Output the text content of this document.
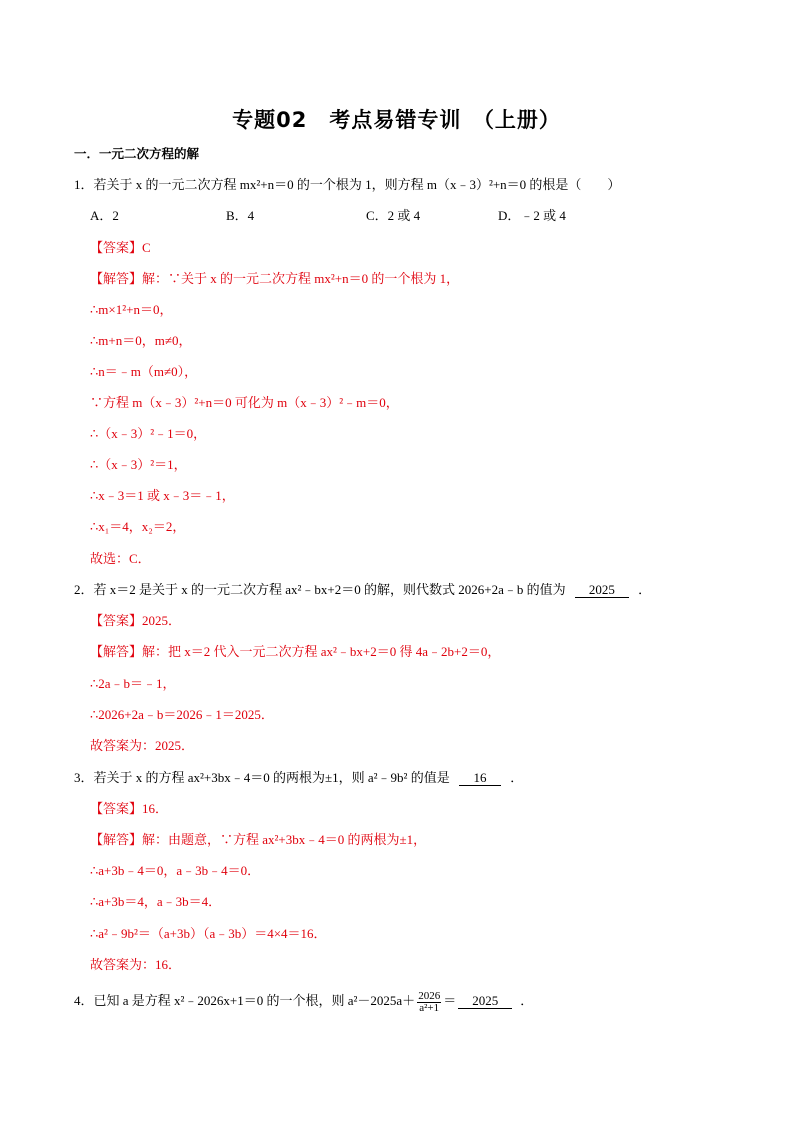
专题02　考点易错专训　（上册）
一．一元二次方程的解
1．若关于 x 的一元二次方程 mx²+n＝0 的一个根为 1，则方程 m（x﹣3）²+n＝0 的根是（　　）
A．2	B．4	C．2 或 4	D．﹣2 或 4
【答案】C
【解答】解：∵关于 x 的一元二次方程 mx²+n＝0 的一个根为 1，
∴m×1²+n＝0，
∴m+n＝0，m≠0，
∴n＝﹣m（m≠0），
∵方程 m（x﹣3）²+n＝0 可化为 m（x﹣3）²﹣m＝0，
∴（x﹣3）²﹣1＝0，
∴（x﹣3）²＝1，
∴x﹣3＝1 或 x﹣3＝﹣1，
∴x₁＝4，x₂＝2，
故选：C．
2．若 x＝2 是关于 x 的一元二次方程 ax²﹣bx+2＝0 的解，则代数式 2026+2a﹣b 的值为 2025 ．
【答案】2025．
【解答】解：把 x＝2 代入一元二次方程 ax²﹣bx+2＝0 得 4a﹣2b+2＝0，
∴2a﹣b＝﹣1，
∴2026+2a﹣b＝2026﹣1＝2025．
故答案为：2025．
3．若关于 x 的方程 ax²+3bx﹣4＝0 的两根为±1，则 a²﹣9b² 的值是 16 ．
【答案】16．
【解答】解：由题意，∵方程 ax²+3bx﹣4＝0 的两根为±1，
∴a+3b﹣4＝0，a﹣3b﹣4＝0．
∴a+3b＝4，a﹣3b＝4．
∴a²﹣9b²＝（a+3b）（a﹣3b）＝4×4＝16．
故答案为：16．
4．已知 a 是方程 x²﹣2026x+1＝0 的一个根，则 $a^2-2025a+ \frac{2026}{\text{a²+1}} = 2025$ ．
